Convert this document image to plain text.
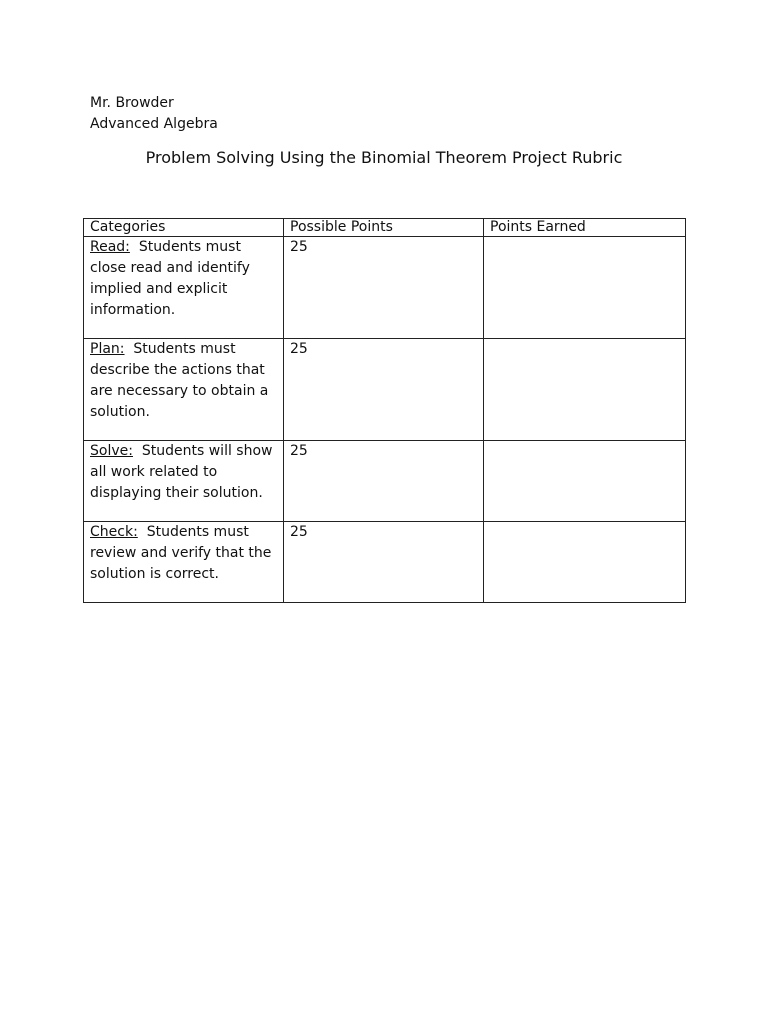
Mr. Browder
Advanced Algebra
Problem Solving Using the Binomial Theorem Project Rubric
Categories	Possible Points	Points Earned
Read: Students must close read and identify implied and explicit information.	25	
Plan: Students must describe the actions that are necessary to obtain a solution.	25	
Solve: Students will show all work related to displaying their solution.	25	
Check: Students must review and verify that the solution is correct.	25	
